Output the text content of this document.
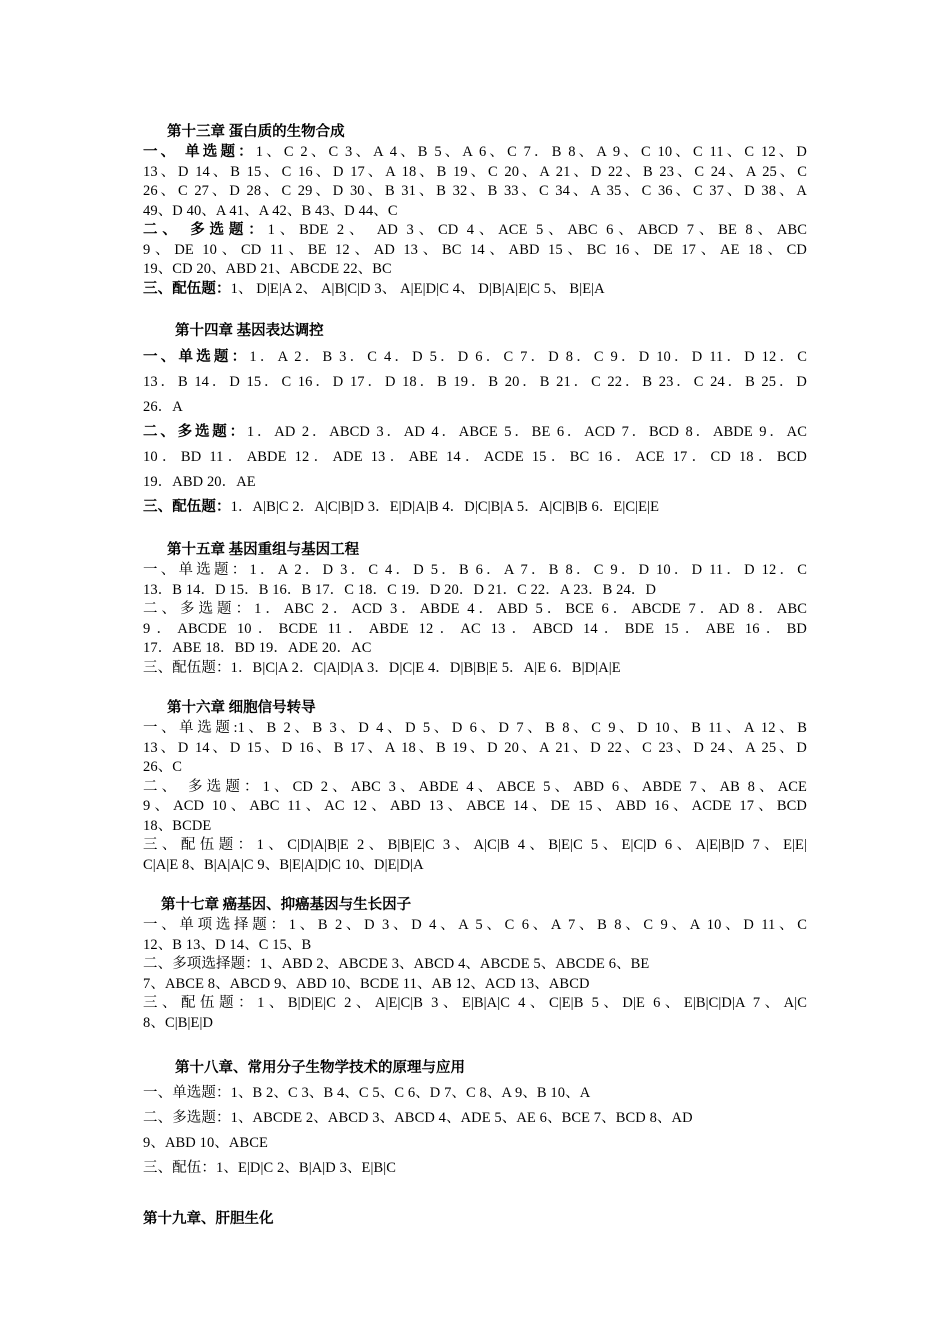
第十三章 蛋白质的生物合成
一、 单选题：1、C 2、C 3、A 4、B 5、A 6、C 7．B 8、A 9、C 10、C 11、C 12、D
13、D 14、B 15、C 16、D 17、A 18、B 19、C 20、A 21、D 22、B 23、C 24、A 25、C
26、C 27、D 28、C 29、D 30、B 31、B 32、B 33、C 34、A 35、C 36、C 37、D 38、A
49、D 40、A 41、A 42、B 43、D 44、C
二、 多选题：1、BDE 2、 AD 3、CD 4、ACE 5、ABC 6、ABCD 7、BE 8、ABC
9、DE 10、CD 11、BE 12、AD 13、BC 14、ABD 15、BC 16、DE 17、AE 18、CD
19、CD 20、ABD 21、ABCDE 22、BC
三、配伍题：1、 D|E|A 2、 A|B|C|D 3、 A|E|D|C 4、 D|B|A|E|C 5、 B|E|A
第十四章 基因表达调控
一、单选题：1．A 2．B 3．C 4．D 5．D 6．C 7．D 8．C 9．D 10．D 11．D 12．C
13．B 14．D 15．C 16．D 17．D 18．B 19．B 20．B 21．C 22．B 23．C 24．B 25．D
26．A
二、多选题：1．AD 2．ABCD 3．AD 4．ABCE 5．BE 6．ACD 7．BCD 8．ABDE 9．AC
10．BD 11．ABDE 12．ADE 13．ABE 14．ACDE 15．BC 16．ACE 17．CD 18．BCD
19．ABD 20．AE
三、配伍题：1．A|B|C 2．A|C|B|D 3．E|D|A|B 4．D|C|B|A 5．A|C|B|B 6．E|C|E|E
第十五章 基因重组与基因工程
一、单选题：1．A 2．D 3．C 4．D 5．B 6．A 7．B 8．C 9．D 10．D 11．D 12．C
13．B 14．D 15．B 16．B 17．C 18．C 19．D 20．D 21．C 22．A 23．B 24．D
二、多选题：1．ABC 2．ACD 3．ABDE 4．ABD 5．BCE 6．ABCDE 7．AD 8．ABC
9．ABCDE 10．BCDE 11．ABDE 12．AC 13．ABCD 14．BDE 15．ABE 16．BD
17．ABE 18．BD 19．ADE 20．AC
三、配伍题：1．B|C|A 2．C|A|D|A 3．D|C|E 4．D|B|B|E 5．A|E 6．B|D|A|E
第十六章 细胞信号转导
一、单选题:1、B 2、B 3、D 4、D 5、D 6、D 7、B 8、C 9、D 10、B 11、A 12、B
13、D 14、D 15、D 16、B 17、A 18、B 19、D 20、A 21、D 22、C 23、D 24、A 25、D
26、C
二、 多选题：1、CD 2、ABC 3、ABDE 4、ABCE 5、ABD 6、ABDE 7、AB 8、ACE
9、ACD 10、ABC 11、AC 12、ABD 13、ABCE 14、DE 15、ABD 16、ACDE 17、BCD
18、BCDE
三、配伍题：1、C|D|A|B|E 2、B|B|E|C 3、A|C|B 4、B|E|C 5、E|C|D 6、A|E|B|D 7、E|E|
C|A|E 8、B|A|A|C 9、B|E|A|D|C 10、D|E|D|A
第十七章 癌基因、抑癌基因与生长因子
一、单项选择题：1、B 2、D 3、D 4、A 5、C 6、A 7、B 8、C 9、A 10、D 11、C
12、B 13、D 14、C 15、B
二、多项选择题：1、ABD 2、ABCDE 3、ABCD 4、ABCDE 5、ABCDE 6、BE
7、ABCE 8、ABCD 9、ABD 10、BCDE 11、AB 12、ACD 13、ABCD
三、配伍题：1、B|D|E|C 2、A|E|C|B 3、E|B|A|C 4、C|E|B 5、D|E 6、E|B|C|D|A 7、A|C
8、C|B|E|D
第十八章、常用分子生物学技术的原理与应用
一、单选题：1、B 2、C 3、B 4、C 5、C 6、D 7、C 8、A 9、B 10、A
二、多选题：1、ABCDE 2、ABCD 3、ABCD 4、ADE 5、AE 6、BCE 7、BCD 8、AD
9、ABD 10、ABCE
三、配伍：1、E|D|C 2、B|A|D 3、E|B|C
第十九章、肝胆生化
